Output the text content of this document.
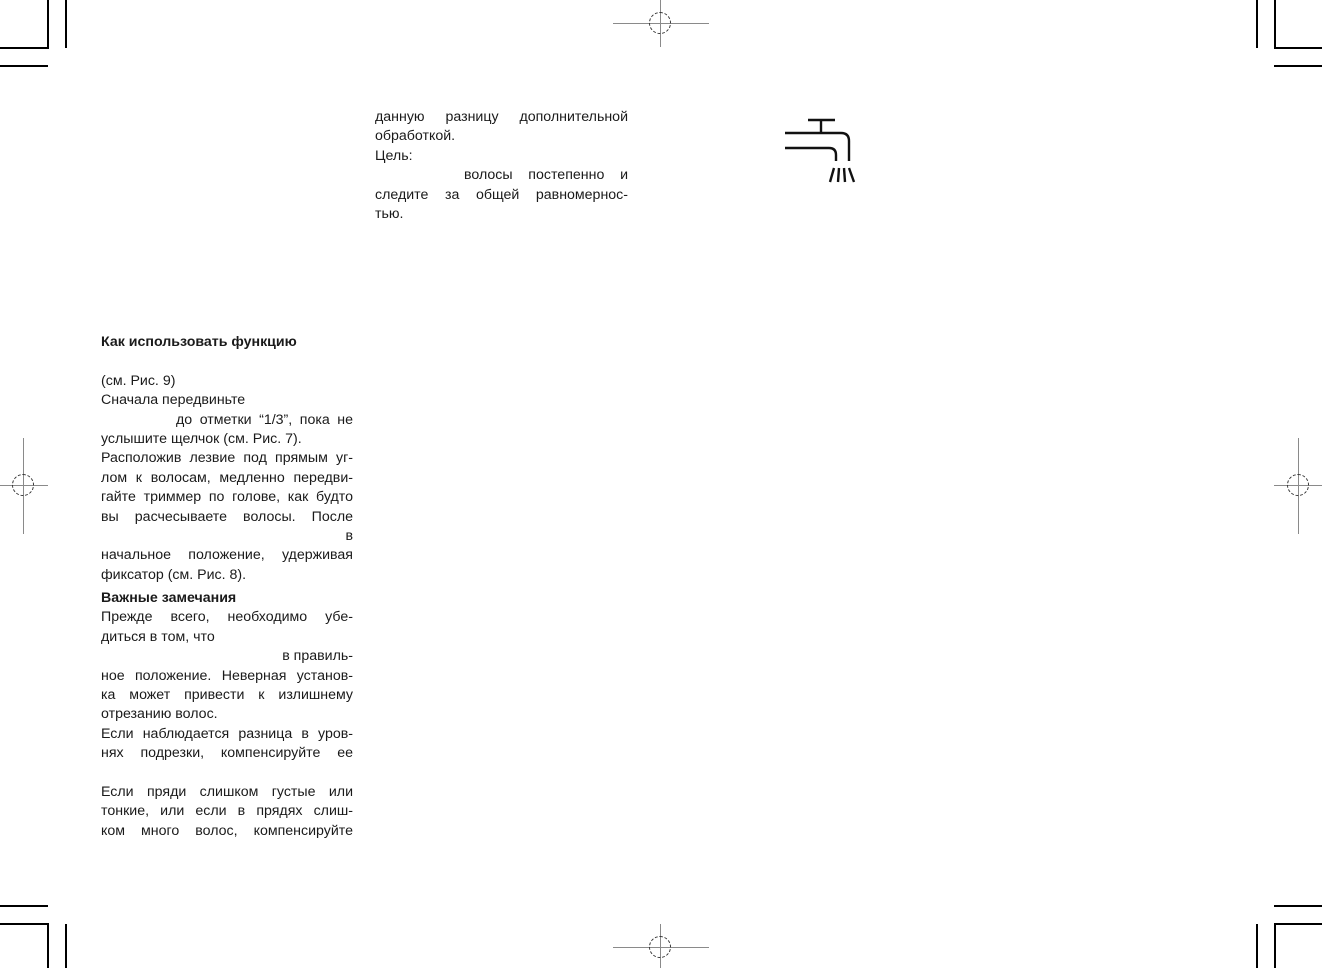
данную разницу дополнительной
обработкой.
Цель:
волосы постепенно и
следите за общей равномернос-
тью.
Как использовать функцию
(см. Рис. 9)
Сначала передвиньте
до отметки “1/3”, пока не
услышите щелчок (см. Рис. 7).
Расположив лезвие под прямым уг-
лом к волосам, медленно передви-
гайте триммер по голове, как будто
вы расчесываете волосы. После
в
начальное положение, удерживая
фиксатор (см. Рис. 8).
Важные замечания
Прежде всего, необходимо убе-
диться в том, что
в правиль-
ное положение. Неверная установ-
ка может привести к излишнему
отрезанию волос.
Если наблюдается разница в уров-
нях подрезки, компенсируйте ее
Если пряди слишком густые или
тонкие, или если в прядях слиш-
ком много волос, компенсируйте
